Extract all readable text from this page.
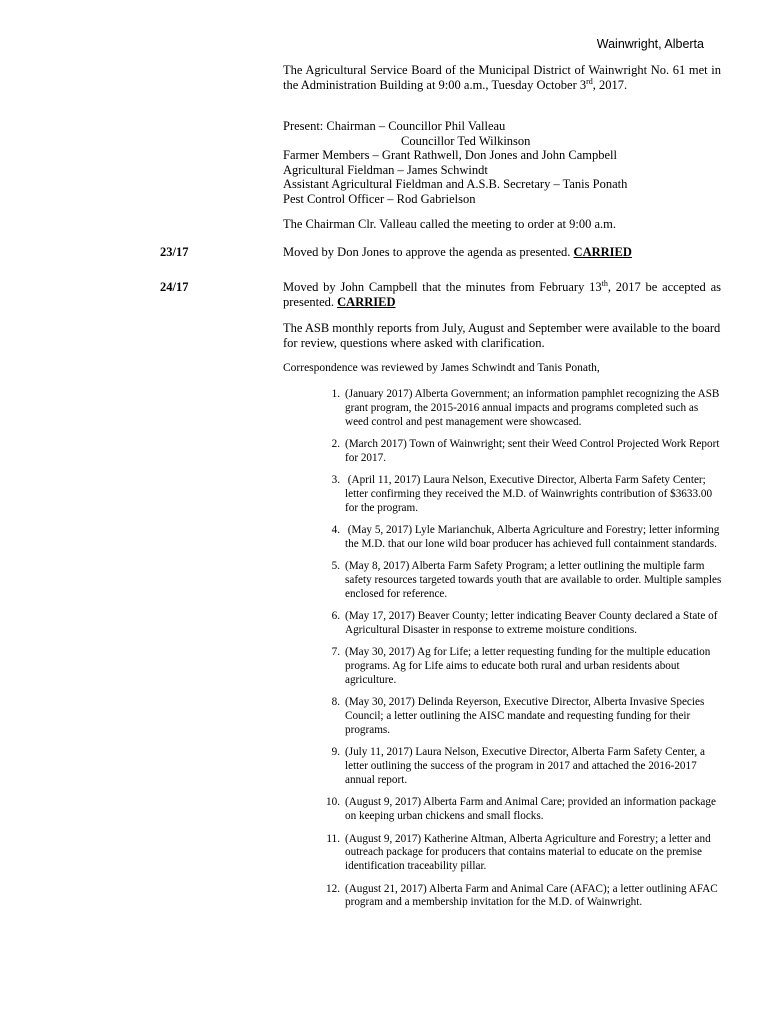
Wainwright, Alberta
The Agricultural Service Board of the Municipal District of Wainwright No. 61 met in the Administration Building at 9:00 a.m., Tuesday October 3rd, 2017.
Present: Chairman – Councillor Phil Valleau
Councillor Ted Wilkinson
Farmer Members – Grant Rathwell, Don Jones and John Campbell
Agricultural Fieldman – James Schwindt
Assistant Agricultural Fieldman and A.S.B. Secretary – Tanis Ponath
Pest Control Officer – Rod Gabrielson
The Chairman Clr. Valleau called the meeting to order at 9:00 a.m.
23/17	Moved by Don Jones to approve the agenda as presented. CARRIED
24/17	Moved by John Campbell that the minutes from February 13th, 2017 be accepted as presented. CARRIED
The ASB monthly reports from July, August and September were available to the board for review, questions where asked with clarification.
Correspondence was reviewed by James Schwindt and Tanis Ponath,
1. (January 2017) Alberta Government; an information pamphlet recognizing the ASB grant program, the 2015-2016 annual impacts and programs completed such as weed control and pest management were showcased.
2. (March 2017) Town of Wainwright; sent their Weed Control Projected Work Report for 2017.
3. (April 11, 2017) Laura Nelson, Executive Director, Alberta Farm Safety Center; letter confirming they received the M.D. of Wainwrights contribution of $3633.00 for the program.
4. (May 5, 2017) Lyle Marianchuk, Alberta Agriculture and Forestry; letter informing the M.D. that our lone wild boar producer has achieved full containment standards.
5. (May 8, 2017) Alberta Farm Safety Program; a letter outlining the multiple farm safety resources targeted towards youth that are available to order. Multiple samples enclosed for reference.
6. (May 17, 2017) Beaver County; letter indicating Beaver County declared a State of Agricultural Disaster in response to extreme moisture conditions.
7. (May 30, 2017) Ag for Life; a letter requesting funding for the multiple education programs. Ag for Life aims to educate both rural and urban residents about agriculture.
8. (May 30, 2017) Delinda Reyerson, Executive Director, Alberta Invasive Species Council; a letter outlining the AISC mandate and requesting funding for their programs.
9. (July 11, 2017) Laura Nelson, Executive Director, Alberta Farm Safety Center, a letter outlining the success of the program in 2017 and attached the 2016-2017 annual report.
10. (August 9, 2017) Alberta Farm and Animal Care; provided an information package on keeping urban chickens and small flocks.
11. (August 9, 2017) Katherine Altman, Alberta Agriculture and Forestry; a letter and outreach package for producers that contains material to educate on the premise identification traceability pillar.
12. (August 21, 2017) Alberta Farm and Animal Care (AFAC); a letter outlining AFAC program and a membership invitation for the M.D. of Wainwright.
